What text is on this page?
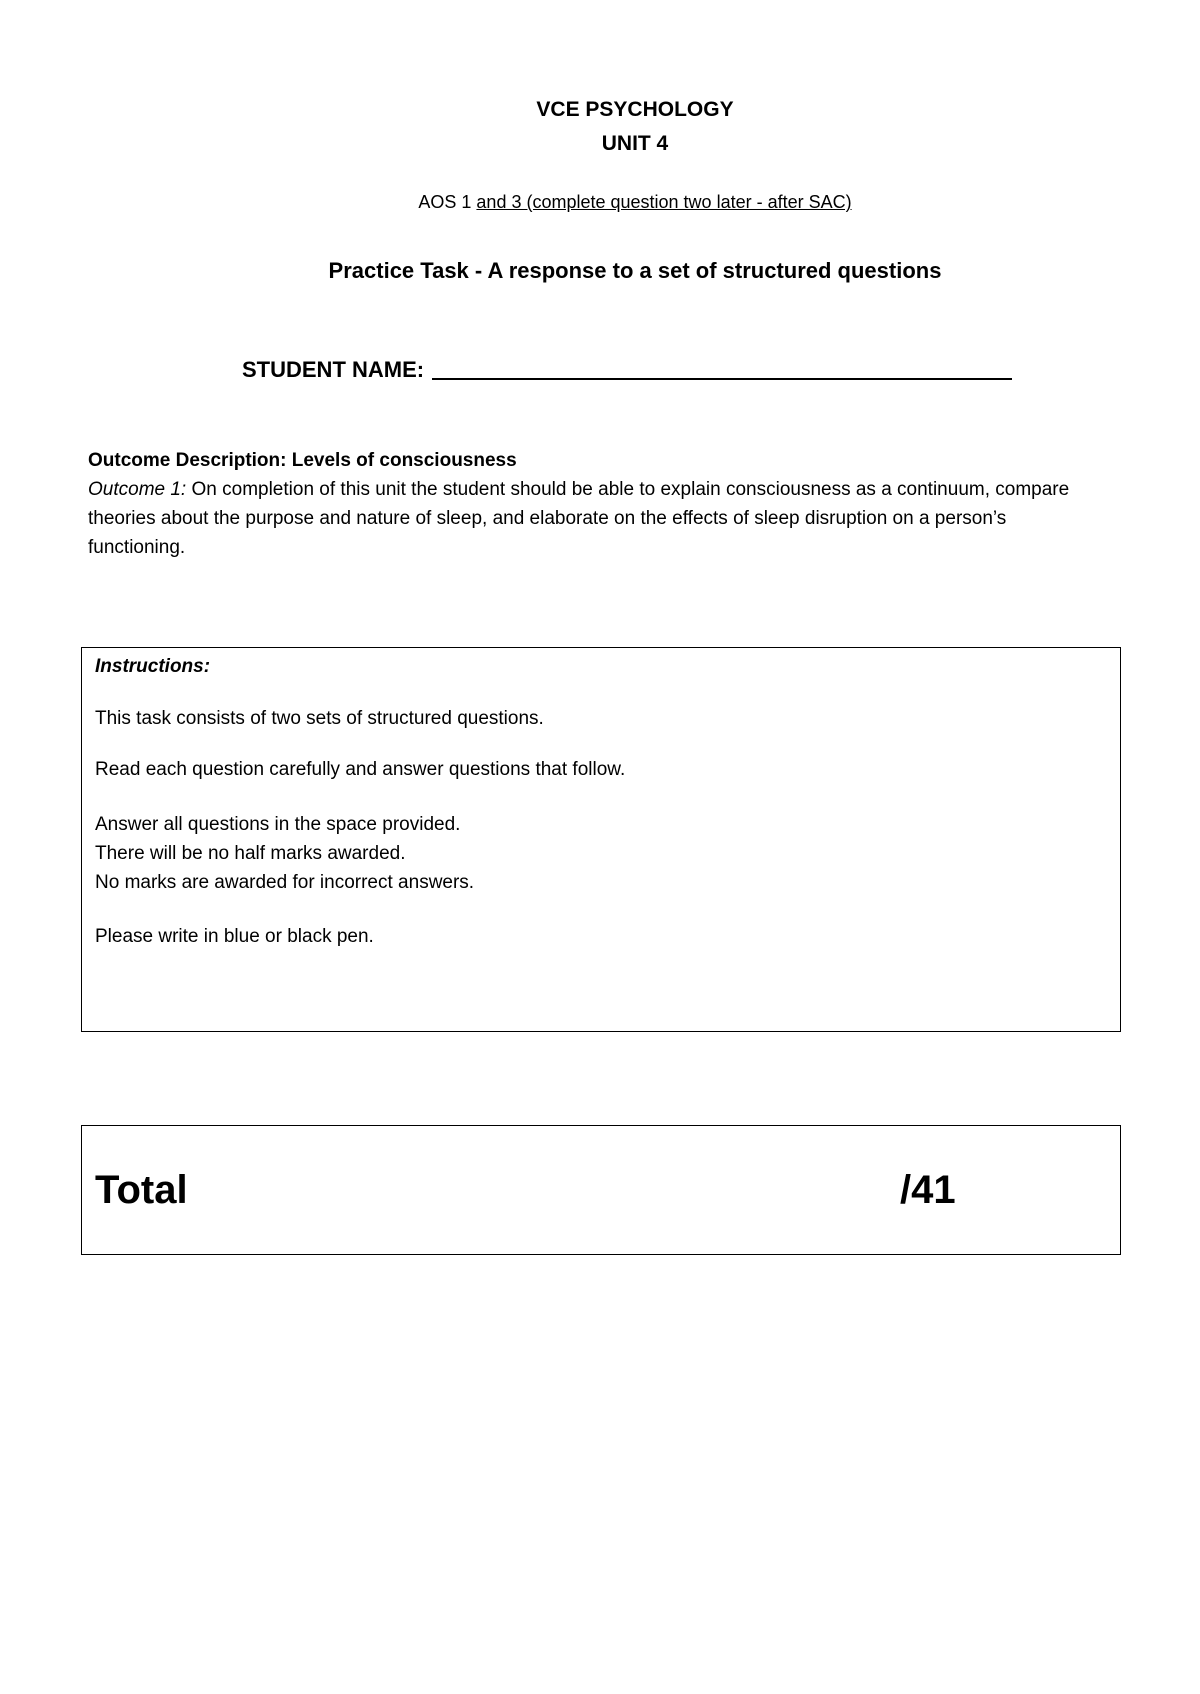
VCE PSYCHOLOGY
UNIT 4
AOS 1 and 3 (complete question two later - after SAC)
Practice Task - A response to a set of structured questions
STUDENT NAME:
Outcome Description: Levels of consciousness
Outcome 1: On completion of this unit the student should be able to explain consciousness as a continuum, compare theories about the purpose and nature of sleep, and elaborate on the effects of sleep disruption on a person’s functioning.
Instructions:

This task consists of two sets of structured questions.

Read each question carefully and answer questions that follow.

Answer all questions in the space provided.
There will be no half marks awarded.
No marks are awarded for incorrect answers.

Please write in blue or black pen.

Total	/41
